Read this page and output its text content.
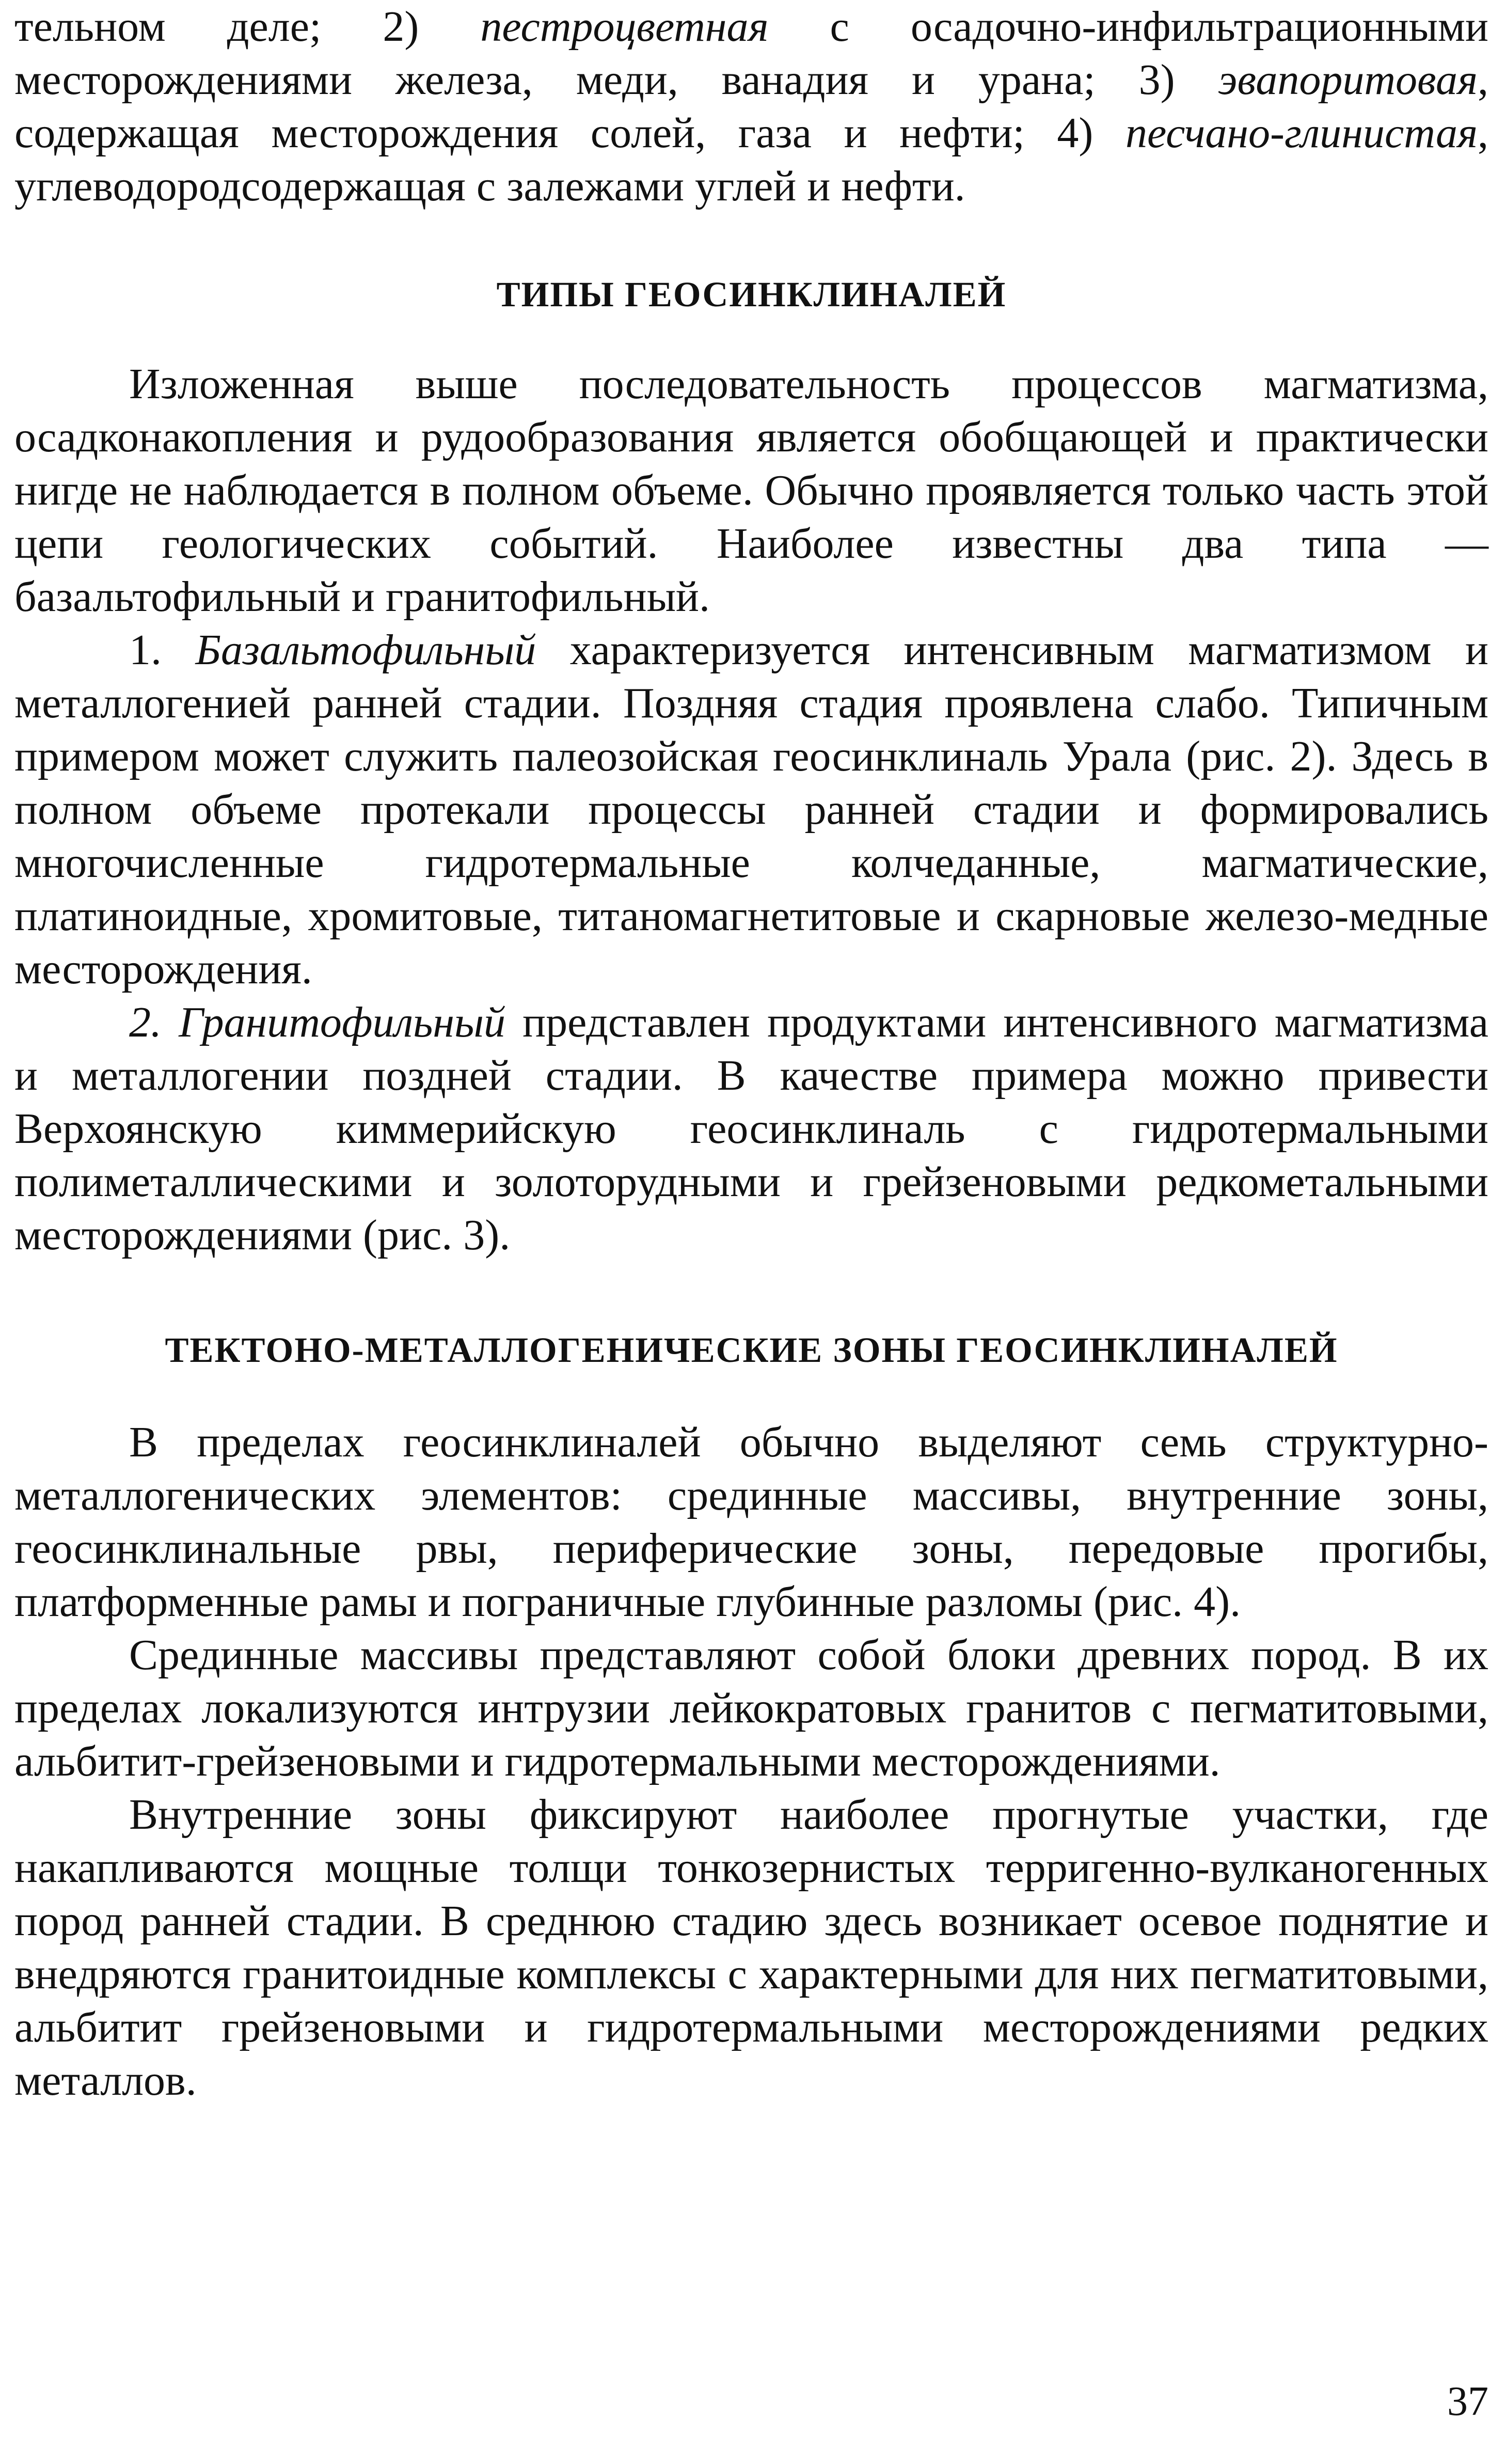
тельном деле; 2) пестроцветная с осадочно-инфильтрационными месторождениями железа, меди, ванадия и урана; 3) эвапоритовая, содержащая месторождения солей, газа и нефти; 4) песчано-глинистая, углеводородсодержащая с залежами углей и нефти.

ТИПЫ ГЕОСИНКЛИНАЛЕЙ

Изложенная выше последовательность процессов магматизма, осадконакопления и рудообразования является обобщающей и практически нигде не наблюдается в полном объеме. Обычно проявляется только часть этой цепи геологических событий. Наиболее известны два типа — базальтофильный и гранитофильный.

1. Базальтофильный характеризуется интенсивным магматизмом и металлогенией ранней стадии. Поздняя стадия проявлена слабо. Типичным примером может служить палеозойская геосинклиналь Урала (рис. 2). Здесь в полном объеме протекали процессы ранней стадии и формировались многочисленные гидротермальные колчеданные, магматические, платиноидные, хромитовые, титаномагнетитовые и скарновые железо-медные месторождения.

2. Гранитофильный представлен продуктами интенсивного магматизма и металлогении поздней стадии. В качестве примера можно привести Верхоянскую киммерийскую геосинклиналь с гидротермальными полиметаллическими и золоторудными и грейзеновыми редкометальными месторождениями (рис. 3).

ТЕКТОНО-МЕТАЛЛОГЕНИЧЕСКИЕ ЗОНЫ ГЕОСИНКЛИНАЛЕЙ

В пределах геосинклиналей обычно выделяют семь структурно-металлогенических элементов: срединные массивы, внутренние зоны, геосинклинальные рвы, периферические зоны, передовые прогибы, платформенные рамы и пограничные глубинные разломы (рис. 4).

Срединные массивы представляют собой блоки древних пород. В их пределах локализуются интрузии лейкократовых гранитов с пегматитовыми, альбитит-грейзеновыми и гидротермальными месторождениями.

Внутренние зоны фиксируют наиболее прогнутые участки, где накапливаются мощные толщи тонкозернистых терригенно-вулканогенных пород ранней стадии. В среднюю стадию здесь возникает осевое поднятие и внедряются гранитоидные комплексы с характерными для них пегматитовыми, альбитит грейзеновыми и гидротермальными месторождениями редких металлов.

37
